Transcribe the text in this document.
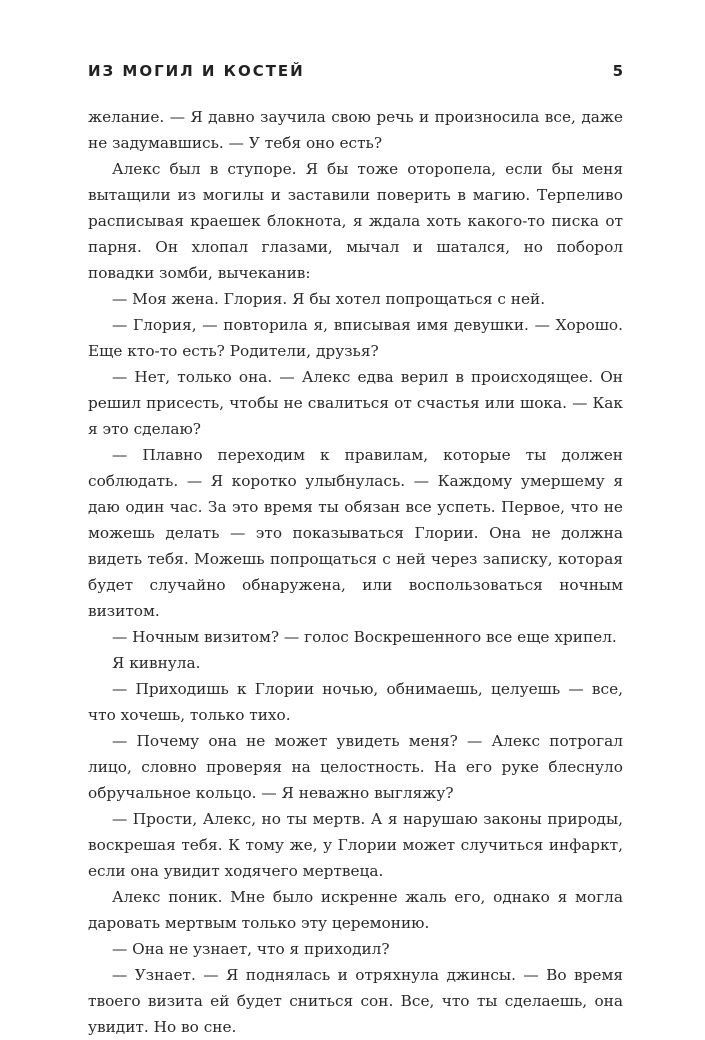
ИЗ МОГИЛ И КОСТЕЙ	5

желание. — Я давно заучила свою речь и произносила все, даже не задумавшись. — У тебя оно есть?

Алекс был в ступоре. Я бы тоже оторопела, если бы меня вытащили из могилы и заставили поверить в магию. Терпеливо расписывая краешек блокнота, я ждала хоть какого-то писка от парня. Он хлопал глазами, мычал и шатался, но поборол повадки зомби, вычеканив:

— Моя жена. Глория. Я бы хотел попрощаться с ней.

— Глория, — повторила я, вписывая имя девушки. — Хорошо. Еще кто-то есть? Родители, друзья?

— Нет, только она. — Алекс едва верил в происходящее. Он решил присесть, чтобы не свалиться от счастья или шока. — Как я это сделаю?

— Плавно переходим к правилам, которые ты должен соблюдать. — Я коротко улыбнулась. — Каждому умершему я даю один час. За это время ты обязан все успеть. Первое, что не можешь делать — это показываться Глории. Она не должна видеть тебя. Можешь попрощаться с ней через записку, которая будет случайно обнаружена, или воспользоваться ночным визитом.

— Ночным визитом? — голос Воскрешенного все еще хрипел.

Я кивнула.

— Приходишь к Глории ночью, обнимаешь, целуешь — все, что хочешь, только тихо.

— Почему она не может увидеть меня? — Алекс потрогал лицо, словно проверяя на целостность. На его руке блеснуло обручальное кольцо. — Я неважно выгляжу?

— Прости, Алекс, но ты мертв. А я нарушаю законы природы, воскрешая тебя. К тому же, у Глории может случиться инфаркт, если она увидит ходячего мертвеца.

Алекс поник. Мне было искренне жаль его, однако я могла даровать мертвым только эту церемонию.

— Она не узнает, что я приходил?

— Узнает. — Я поднялась и отряхнула джинсы. — Во время твоего визита ей будет сниться сон. Все, что ты сделаешь, она увидит. Но во сне.
